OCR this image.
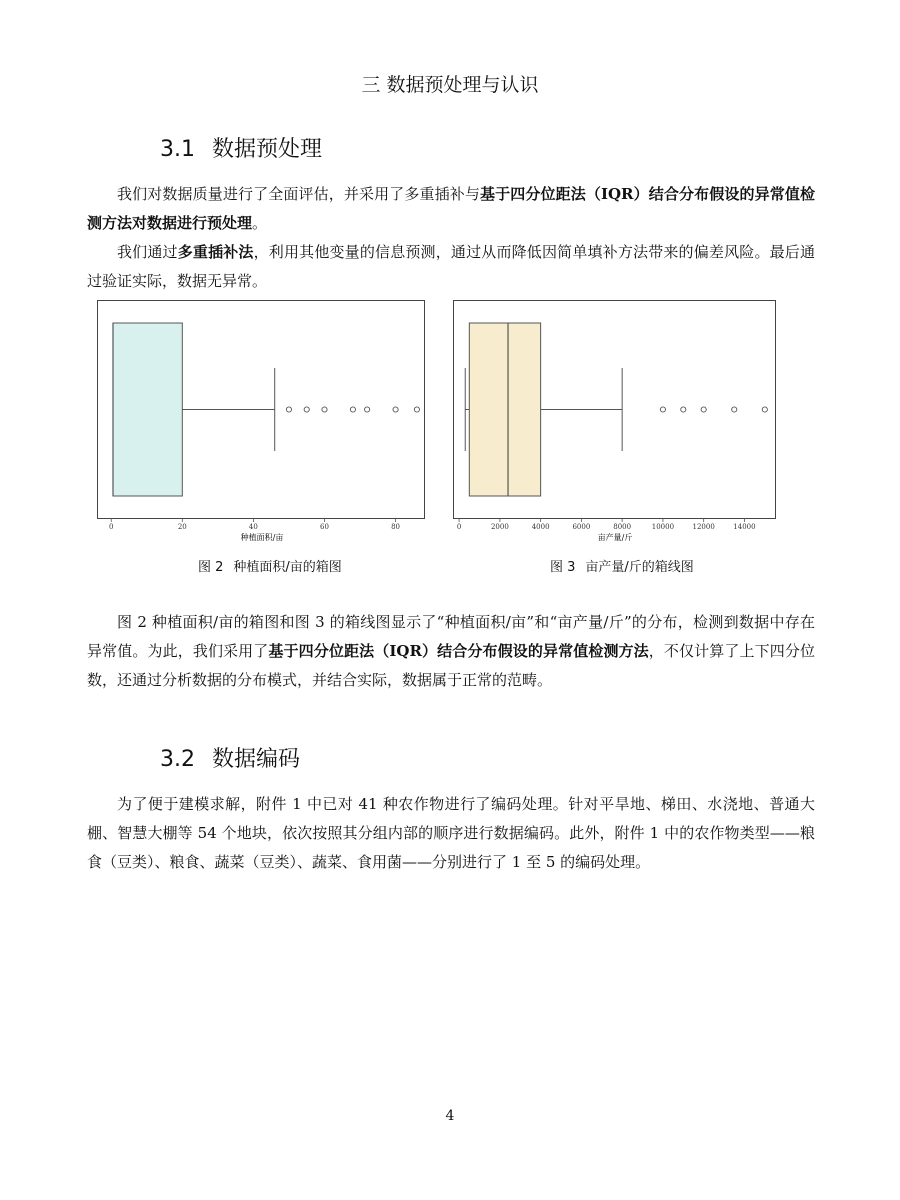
三 数据预处理与认识
3.1 数据预处理

我们对数据质量进行了全面评估，并采用了多重插补与基于四分位距法（IQR）结合分布假设的异常值检测方法对数据进行预处理。

我们通过多重插补法，利用其他变量的信息预测，通过从而降低因简单填补方法带来的偏差风险。最后通过验证实际，数据无异常。

0	20	40	60	80
种植面积/亩
图 2 种植面积/亩的箱图
0	2000	4000	6000	8000	10000	12000	14000
亩产量/斤
图 3 亩产量/斤的箱线图

图 2 种植面积/亩的箱图和图 3 的箱线图显示了“种植面积/亩”和“亩产量/斤”的分布，检测到数据中存在异常值。为此，我们采用了基于四分位距法（IQR）结合分布假设的异常值检测方法，不仅计算了上下四分位数，还通过分析数据的分布模式，并结合实际，数据属于正常的范畴。

3.2 数据编码

为了便于建模求解，附件 1 中已对 41 种农作物进行了编码处理。针对平旱地、梯田、水浇地、普通大棚、智慧大棚等 54 个地块，依次按照其分组内部的顺序进行数据编码。此外，附件 1 中的农作物类型——粮食（豆类）、粮食、蔬菜（豆类）、蔬菜、食用菌——分别进行了 1 至 5 的编码处理。

4
